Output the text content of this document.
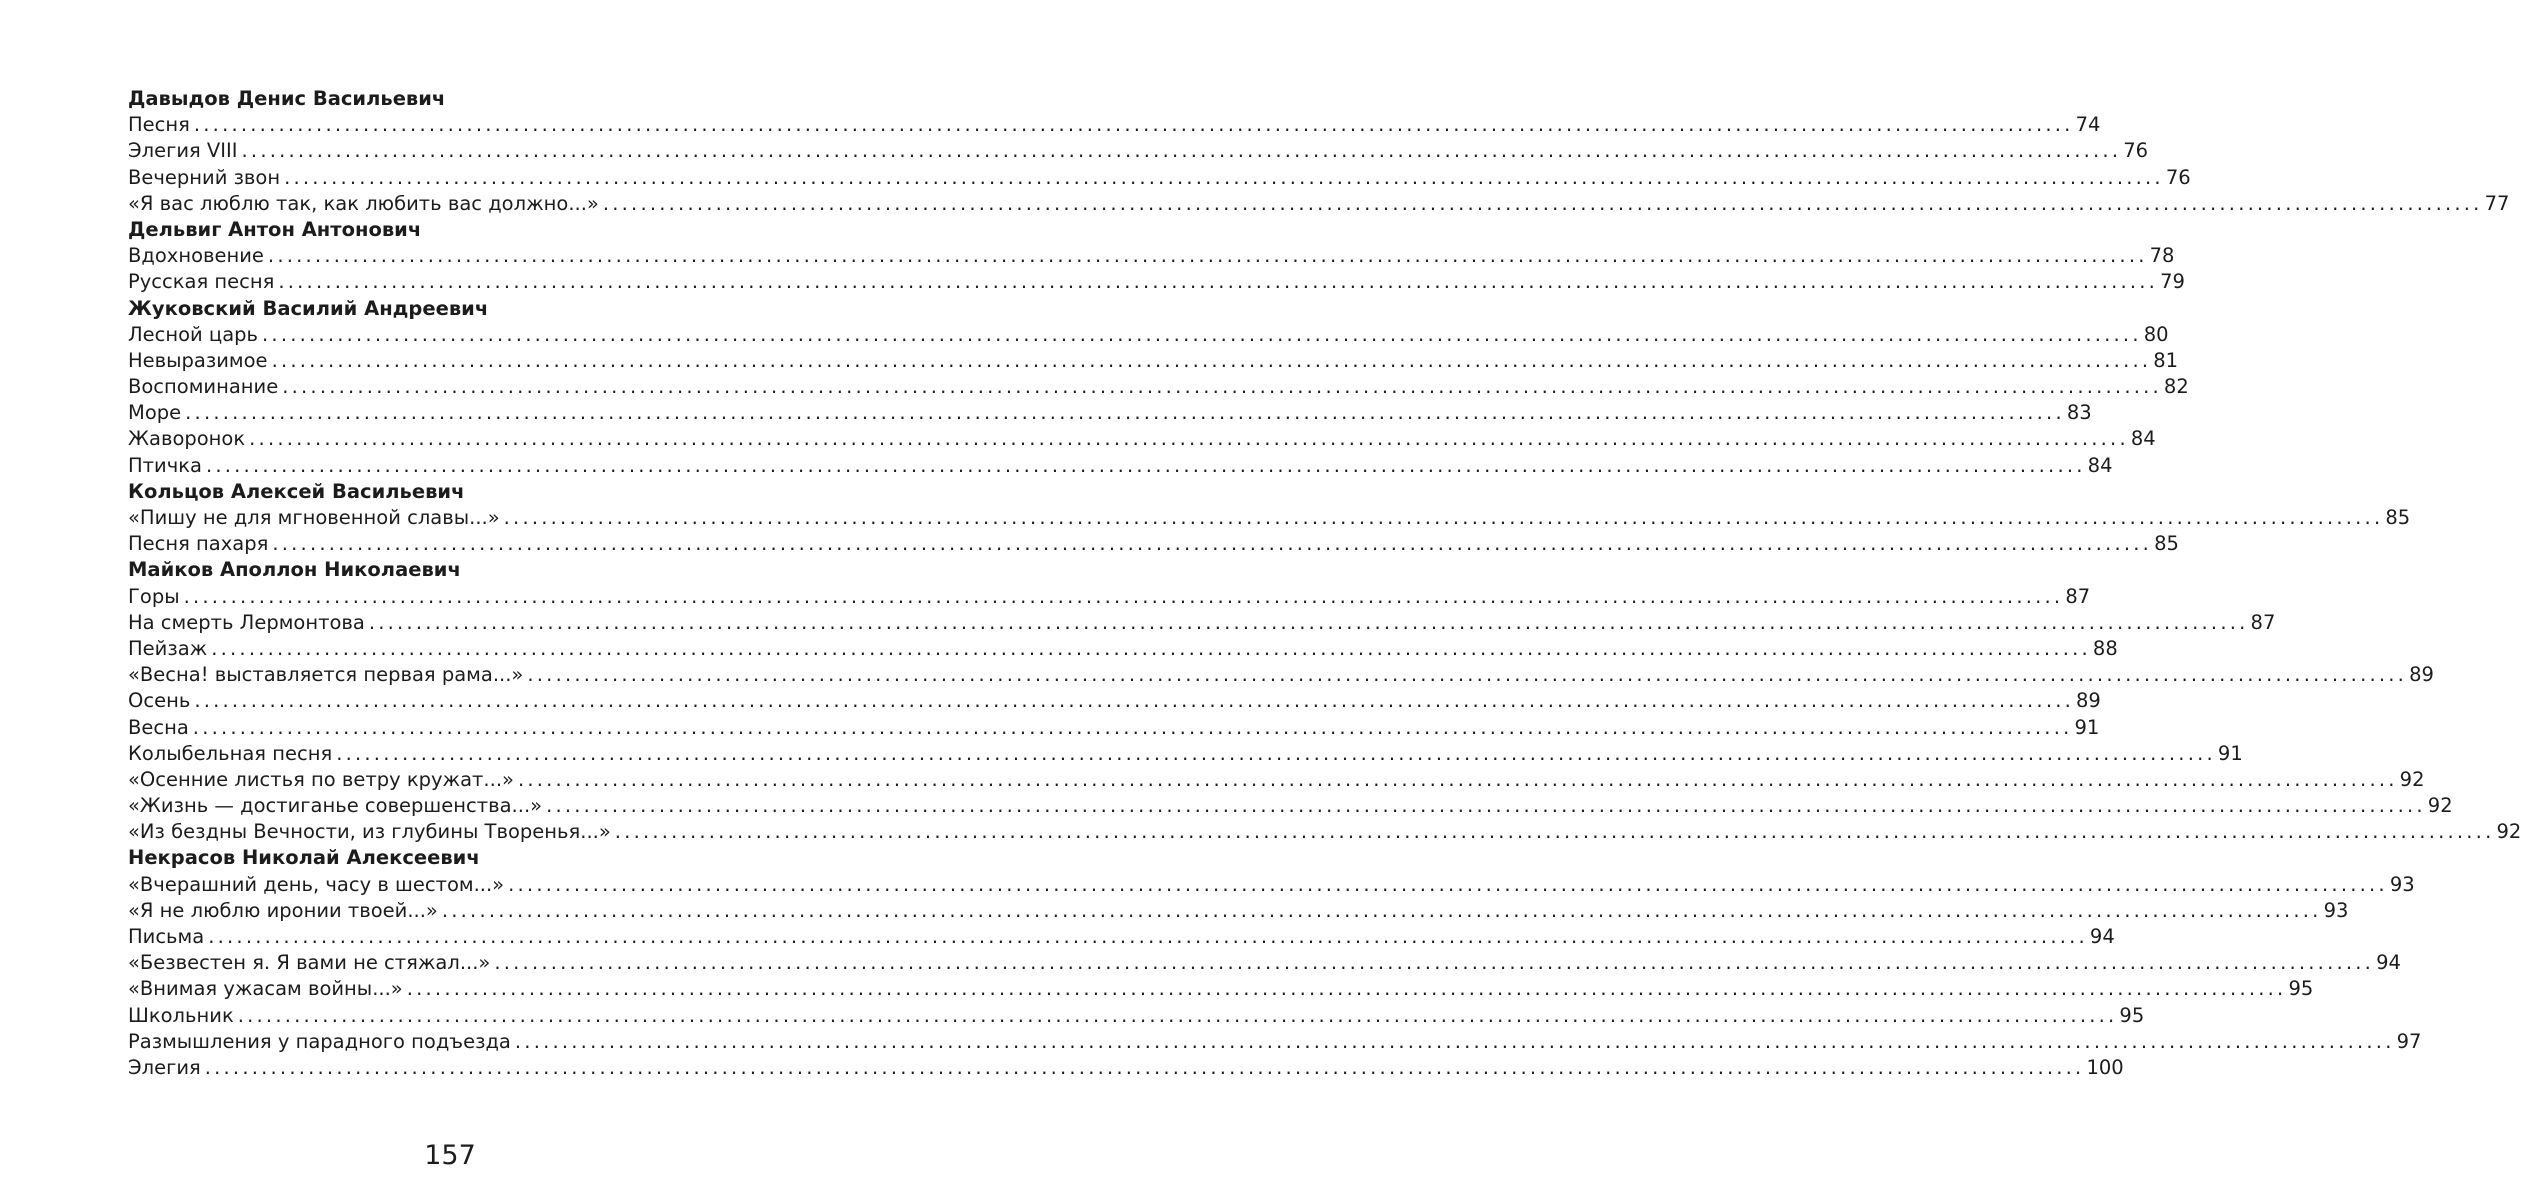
Давыдов Денис Васильевич
Песня ........................................................................................................................................................................................................ 74
Элегия VIII ........................................................................................................................................................................................................ 76
Вечерний звон ........................................................................................................................................................................................................ 76
«Я вас люблю так, как любить вас должно...» ........................................................................................................................................................................................................ 77
Дельвиг Антон Антонович
Вдохновение ........................................................................................................................................................................................................ 78
Русская песня ........................................................................................................................................................................................................ 79
Жуковский Василий Андреевич
Лесной царь ........................................................................................................................................................................................................ 80
Невыразимое ........................................................................................................................................................................................................ 81
Воспоминание ........................................................................................................................................................................................................ 82
Море ........................................................................................................................................................................................................ 83
Жаворонок ........................................................................................................................................................................................................ 84
Птичка ........................................................................................................................................................................................................ 84
Кольцов Алексей Васильевич
«Пишу не для мгновенной славы...» ........................................................................................................................................................................................................ 85
Песня пахаря ........................................................................................................................................................................................................ 85
Майков Аполлон Николаевич
Горы ........................................................................................................................................................................................................ 87
На смерть Лермонтова ........................................................................................................................................................................................................ 87
Пейзаж ........................................................................................................................................................................................................ 88
«Весна! выставляется первая рама...» ........................................................................................................................................................................................................ 89
Осень ........................................................................................................................................................................................................ 89
Весна ........................................................................................................................................................................................................ 91
Колыбельная песня ........................................................................................................................................................................................................ 91
«Осенние листья по ветру кружат...» ........................................................................................................................................................................................................ 92
«Жизнь — достиганье совершенства...» ........................................................................................................................................................................................................ 92
«Из бездны Вечности, из глубины Творенья...» ........................................................................................................................................................................................................ 92
Некрасов Николай Алексеевич
«Вчерашний день, часу в шестом...» ........................................................................................................................................................................................................ 93
«Я не люблю иронии твоей...» ........................................................................................................................................................................................................ 93
Письма ........................................................................................................................................................................................................ 94
«Безвестен я. Я вами не стяжал...» ........................................................................................................................................................................................................ 94
«Внимая ужасам войны...» ........................................................................................................................................................................................................ 95
Школьник ........................................................................................................................................................................................................ 95
Размышления у парадного подъезда ........................................................................................................................................................................................................ 97
Элегия ........................................................................................................................................................................................................ 100
157
